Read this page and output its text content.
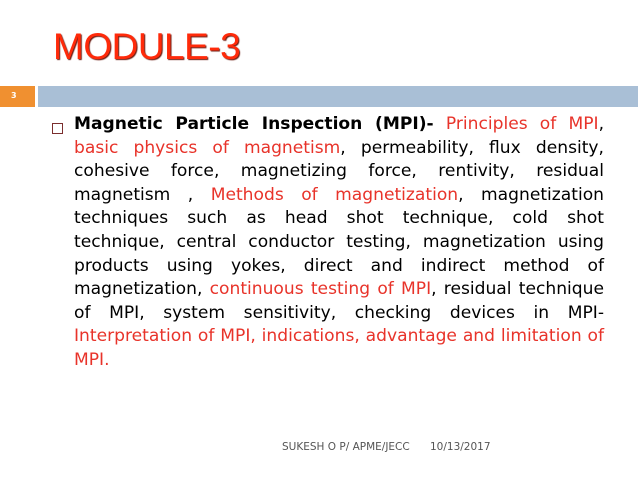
MODULE-3
3
Magnetic Particle Inspection (MPI)- Principles of MPI, basic physics of magnetism, permeability, flux density, cohesive force, magnetizing force, rentivity, residual magnetism , Methods of magnetization, magnetization techniques such as head shot technique, cold shot technique, central conductor testing, magnetization using products using yokes, direct and indirect method of magnetization, continuous testing of MPI, residual technique of MPI, system sensitivity, checking devices in MPI- Interpretation of MPI, indications, advantage and limitation of MPI.
SUKESH O P/ APME/JECC 10/13/2017
